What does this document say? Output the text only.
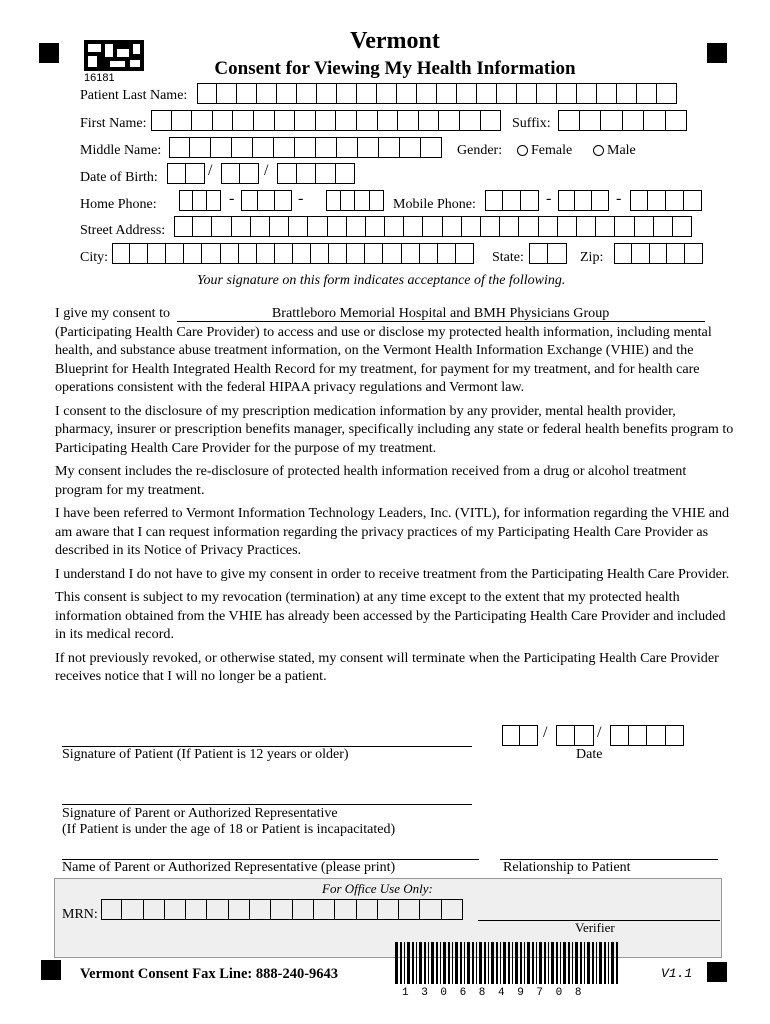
16181
Vermont
Consent for Viewing My Health Information
Patient Last Name:
First Name:	Suffix:
Middle Name:	Gender:	Female	Male
Date of Birth:	/	/
Home Phone:	-	-	Mobile Phone:	-	-
Street Address:
City:	State:	Zip:
Your signature on this form indicates acceptance of the following.

I give my consent to	Brattleboro Memorial Hospital and BMH Physicians Group
(Participating Health Care Provider) to access and use or disclose my protected health information, including mental health, and substance abuse treatment information, on the Vermont Health Information Exchange (VHIE) and the Blueprint for Health Integrated Health Record for my treatment, for payment for my treatment, and for health care operations consistent with the federal HIPAA privacy regulations and Vermont law.

I consent to the disclosure of my prescription medication information by any provider, mental health provider, pharmacy, insurer or prescription benefits manager, specifically including any state or federal health benefits program to Participating Health Care Provider for the purpose of my treatment.

My consent includes the re-disclosure of protected health information received from a drug or alcohol treatment program for my treatment.

I have been referred to Vermont Information Technology Leaders, Inc. (VITL), for information regarding the VHIE and am aware that I can request information regarding the privacy practices of my Participating Health Care Provider as described in its Notice of Privacy Practices.

I understand I do not have to give my consent in order to receive treatment from the Participating Health Care Provider.

This consent is subject to my revocation (termination) at any time except to the extent that my protected health information obtained from the VHIE has already been accessed by the Participating Health Care Provider and included in its medical record.

If not previously revoked, or otherwise stated, my consent will terminate when the Participating Health Care Provider receives notice that I will no longer be a patient.

Signature of Patient (If Patient is 12 years or older)
/	/
Date
Signature of Parent or Authorized Representative
(If Patient is under the age of 18 or Patient is incapacitated)
Name of Parent or Authorized Representative (please print)	Relationship to Patient
For Office Use Only:
MRN:
Verifier
Vermont Consent Fax Line: 888-240-9643
1 3 0 6 8 4 9 7 0 8
V1.1
